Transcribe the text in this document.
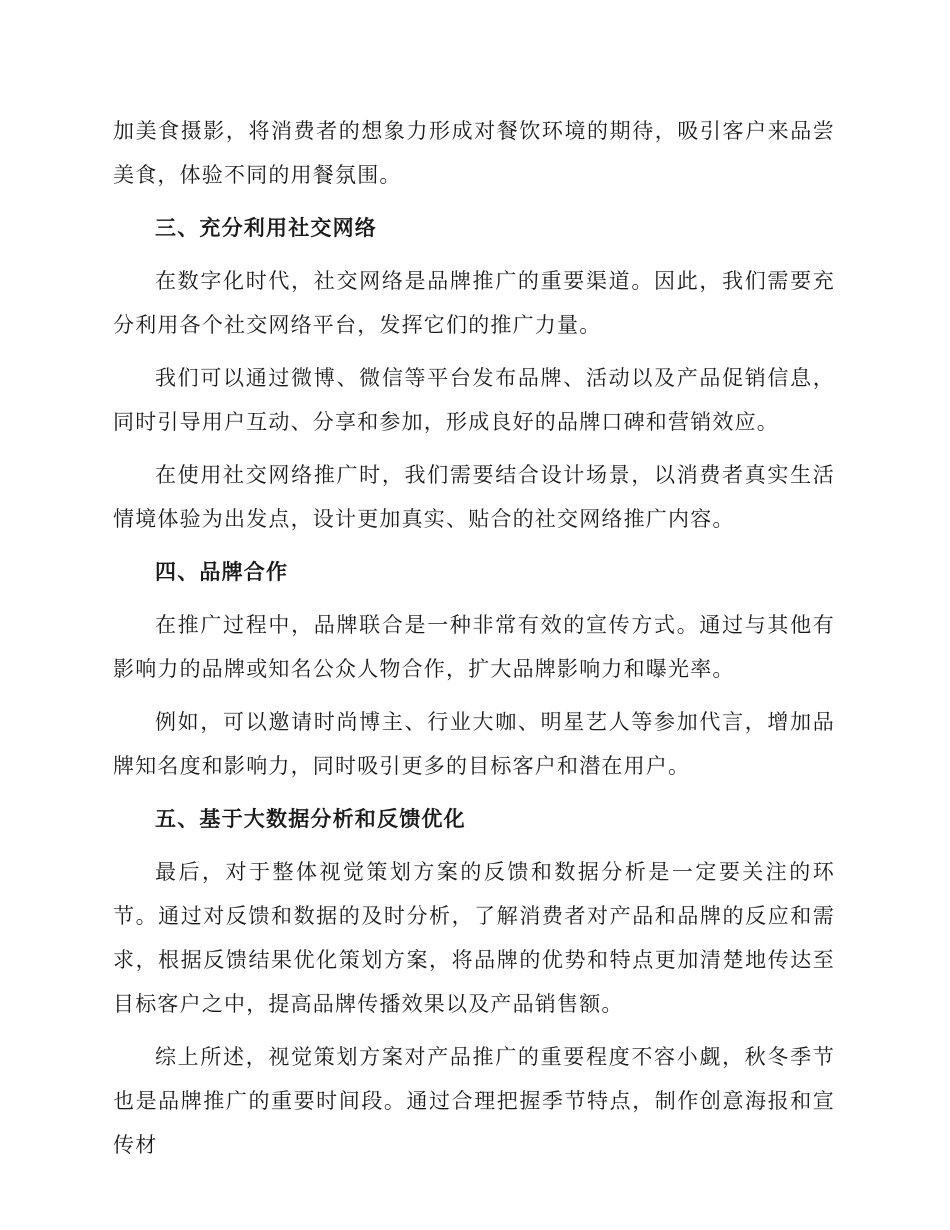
加美食摄影，将消费者的想象力形成对餐饮环境的期待，吸引客户来品尝美食，体验不同的用餐氛围。

三、充分利用社交网络

在数字化时代，社交网络是品牌推广的重要渠道。因此，我们需要充分利用各个社交网络平台，发挥它们的推广力量。

我们可以通过微博、微信等平台发布品牌、活动以及产品促销信息，同时引导用户互动、分享和参加，形成良好的品牌口碑和营销效应。

在使用社交网络推广时，我们需要结合设计场景，以消费者真实生活情境体验为出发点，设计更加真实、贴合的社交网络推广内容。

四、品牌合作

在推广过程中，品牌联合是一种非常有效的宣传方式。通过与其他有影响力的品牌或知名公众人物合作，扩大品牌影响力和曝光率。

例如，可以邀请时尚博主、行业大咖、明星艺人等参加代言，增加品牌知名度和影响力，同时吸引更多的目标客户和潜在用户。

五、基于大数据分析和反馈优化

最后，对于整体视觉策划方案的反馈和数据分析是一定要关注的环节。通过对反馈和数据的及时分析，了解消费者对产品和品牌的反应和需求，根据反馈结果优化策划方案，将品牌的优势和特点更加清楚地传达至目标客户之中，提高品牌传播效果以及产品销售额。

综上所述，视觉策划方案对产品推广的重要程度不容小觑，秋冬季节也是品牌推广的重要时间段。通过合理把握季节特点，制作创意海报和宣传材
